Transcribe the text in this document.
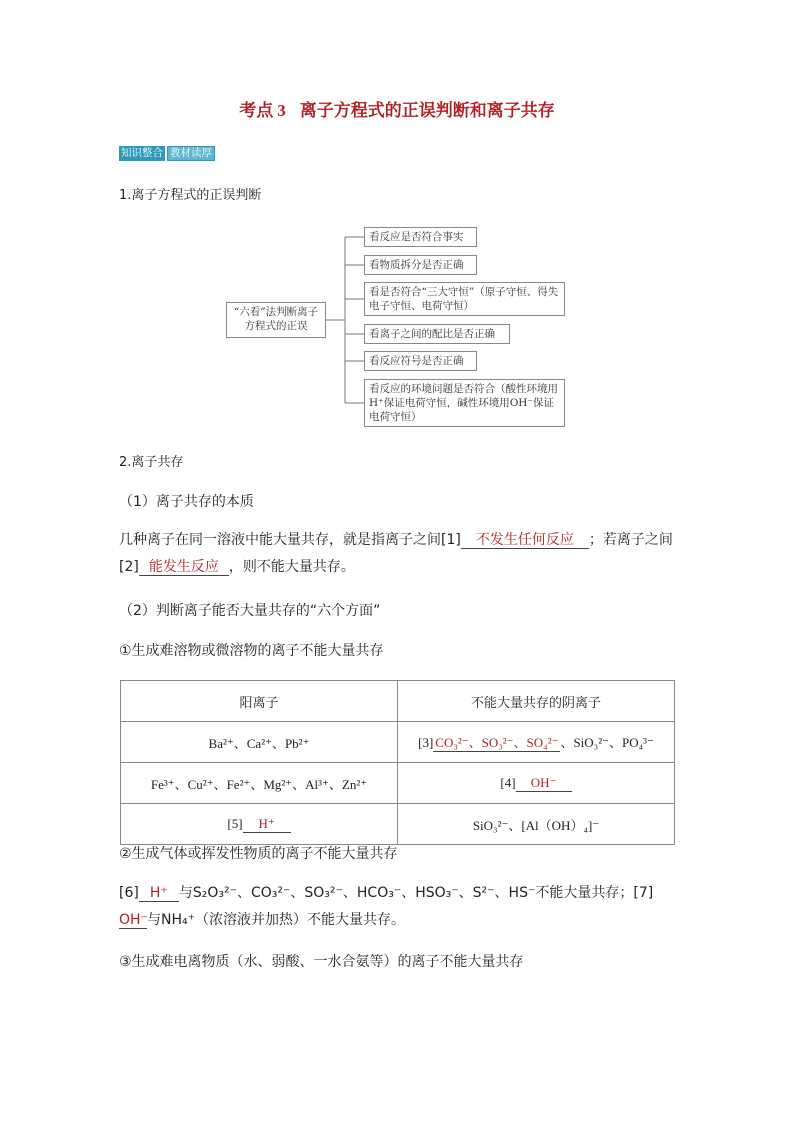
考点 3 离子方程式的正误判断和离子共存
知识整合 教材读厚
1.离子方程式的正误判断
“六看”法判断离子方程式的正误
看反应是否符合事实
看物质拆分是否正确
看是否符合“三大守恒”（原子守恒、得失电子守恒、电荷守恒）
看离子之间的配比是否正确
看反应符号是否正确
看反应的环境问题是否符合（酸性环境用H⁺保证电荷守恒，碱性环境用OH⁻保证电荷守恒）
2.离子共存
（1）离子共存的本质
几种离子在同一溶液中能大量共存，就是指离子之间[1] 不发生任何反应 ；若离子之间
[2] 能发生反应 ，则不能大量共存。
（2）判断离子能否大量共存的“六个方面”
①生成难溶物或微溶物的离子不能大量共存
阳离子	不能大量共存的阴离子
Ba²⁺、Ca²⁺、Pb²⁺	[3] CO₃²⁻、SO₃²⁻、SO₄²⁻ 、SiO₃²⁻、PO₄³⁻
Fe³⁺、Cu²⁺、Fe²⁺、Mg²⁺、Al³⁺、Zn²⁺	[4] OH⁻
[5] H⁺	SiO₃²⁻、[Al（OH）₄]⁻
②生成气体或挥发性物质的离子不能大量共存
[6] H⁺ 与S₂O₃²⁻、CO₃²⁻、SO₃²⁻、HCO₃⁻、HSO₃⁻、S²⁻、HS⁻不能大量共存；[7]OH⁻与NH₄⁺（浓溶液并加热）不能大量共存。
③生成难电离物质（水、弱酸、一水合氨等）的离子不能大量共存
